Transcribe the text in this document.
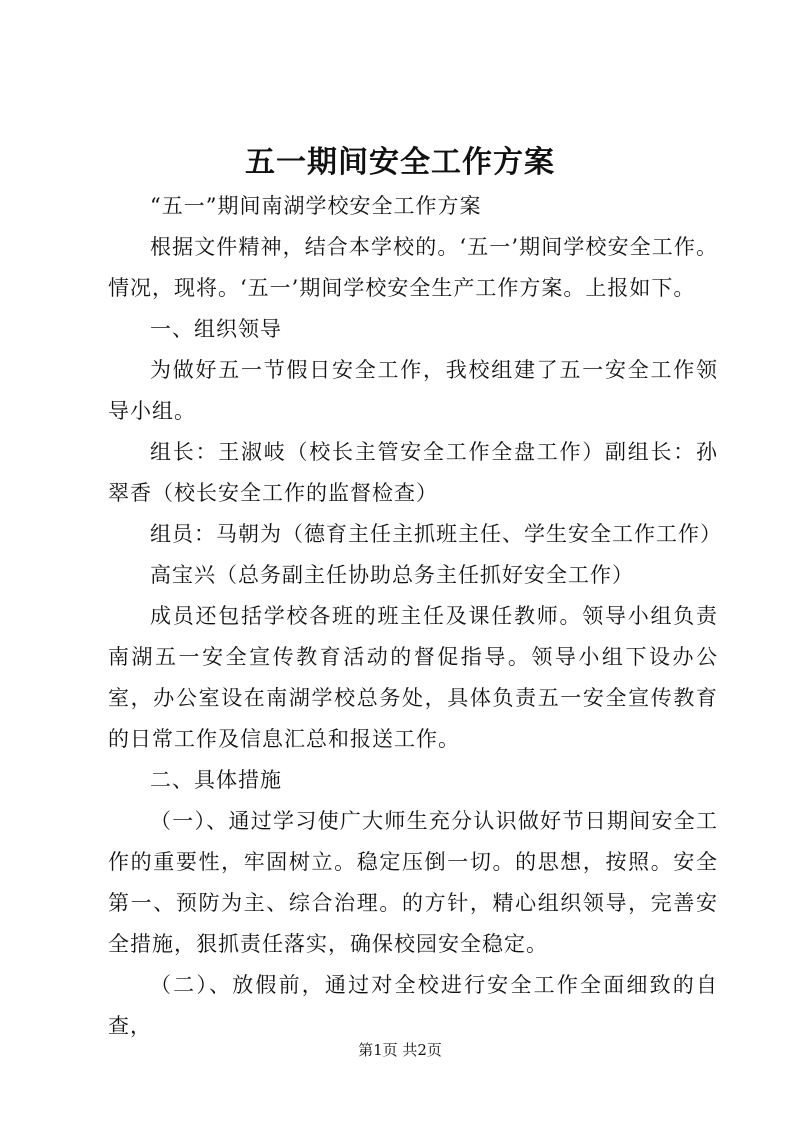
五一期间安全工作方案

“五一”期间南湖学校安全工作方案

根据文件精神，结合本学校的。‘五一’期间学校安全工作。情况，现将。‘五一’期间学校安全生产工作方案。上报如下。

一、组织领导

为做好五一节假日安全工作，我校组建了五一安全工作领导小组。

组长：王淑岐（校长主管安全工作全盘工作）副组长：孙翠香（校长安全工作的监督检查）

组员：马朝为（德育主任主抓班主任、学生安全工作工作）

高宝兴（总务副主任协助总务主任抓好安全工作）

成员还包括学校各班的班主任及课任教师。领导小组负责南湖五一安全宣传教育活动的督促指导。领导小组下设办公室，办公室设在南湖学校总务处，具体负责五一安全宣传教育的日常工作及信息汇总和报送工作。

二、具体措施

（一）、通过学习使广大师生充分认识做好节日期间安全工作的重要性，牢固树立。稳定压倒一切。的思想，按照。安全第一、预防为主、综合治理。的方针，精心组织领导，完善安全措施，狠抓责任落实，确保校园安全稳定。

（二）、放假前，通过对全校进行安全工作全面细致的自查，

第1页 共2页
